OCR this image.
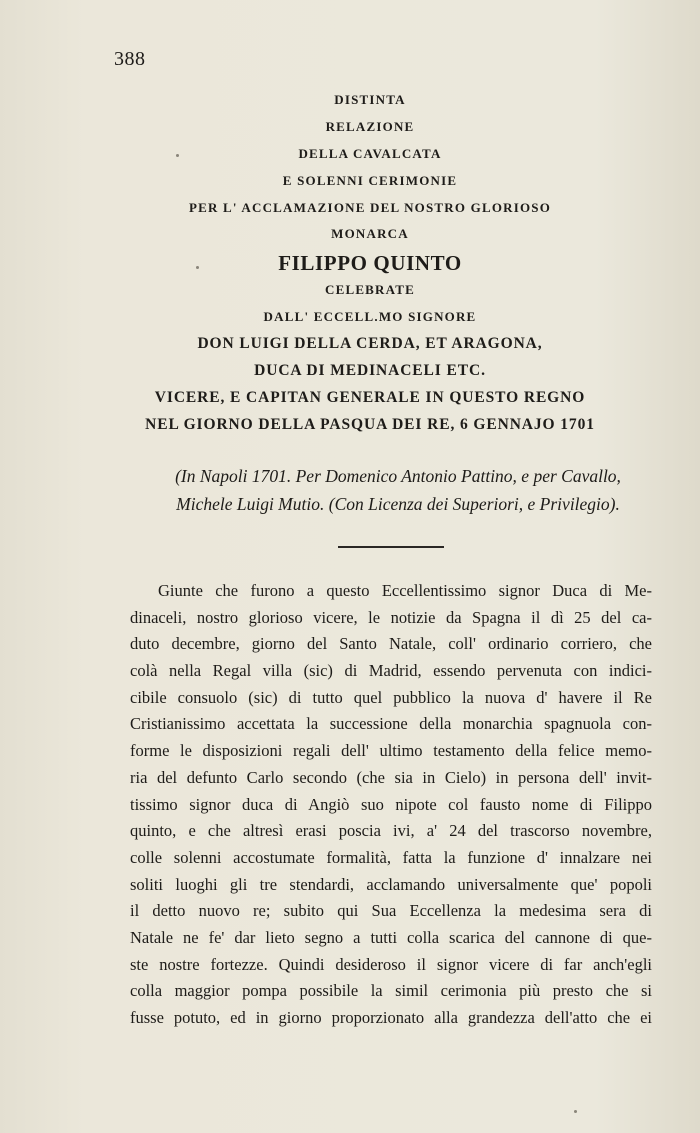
388
DISTINTA
RELAZIONE
DELLA CAVALCATA
E SOLENNI CERIMONIE
PER L' ACCLAMAZIONE DEL NOSTRO GLORIOSO
MONARCA
FILIPPO QUINTO
CELEBRATE
DALL' ECCELL.MO SIGNORE
DON LUIGI DELLA CERDA, ET ARAGONA,
DUCA DI MEDINACELI ETC.
VICERE, E CAPITAN GENERALE IN QUESTO REGNO
NEL GIORNO DELLA PASQUA DEI RE, 6 GENNAJO 1701
(In Napoli 1701. Per Domenico Antonio Pattino, e per Cavallo,
Michele Luigi Mutio. (Con Licenza dei Superiori, e Privilegio).
Giunte che furono a questo Eccellentissimo signor Duca di Me-
dinaceli, nostro glorioso vicere, le notizie da Spagna il dì 25 del ca-
duto decembre, giorno del Santo Natale, coll' ordinario corriero, che
colà nella Regal villa (sic) di Madrid, essendo pervenuta con indici-
cibile consuolo (sic) di tutto quel pubblico la nuova d' havere il Re
Cristianissimo accettata la successione della monarchia spagnuola con-
forme le disposizioni regali dell' ultimo testamento della felice memo-
ria del defunto Carlo secondo (che sia in Cielo) in persona dell' invit-
tissimo signor duca di Angiò suo nipote col fausto nome di Filippo
quinto, e che altresì erasi poscia ivi, a' 24 del trascorso novembre,
colle solenni accostumate formalità, fatta la funzione d' innalzare nei
soliti luoghi gli tre stendardi, acclamando universalmente que' popoli
il detto nuovo re; subito qui Sua Eccellenza la medesima sera di
Natale ne fe' dar lieto segno a tutti colla scarica del cannone di que-
ste nostre fortezze. Quindi desideroso il signor vicere di far anch'egli
colla maggior pompa possibile la simil cerimonia più presto che si
fusse potuto, ed in giorno proporzionato alla grandezza dell'atto che ei
